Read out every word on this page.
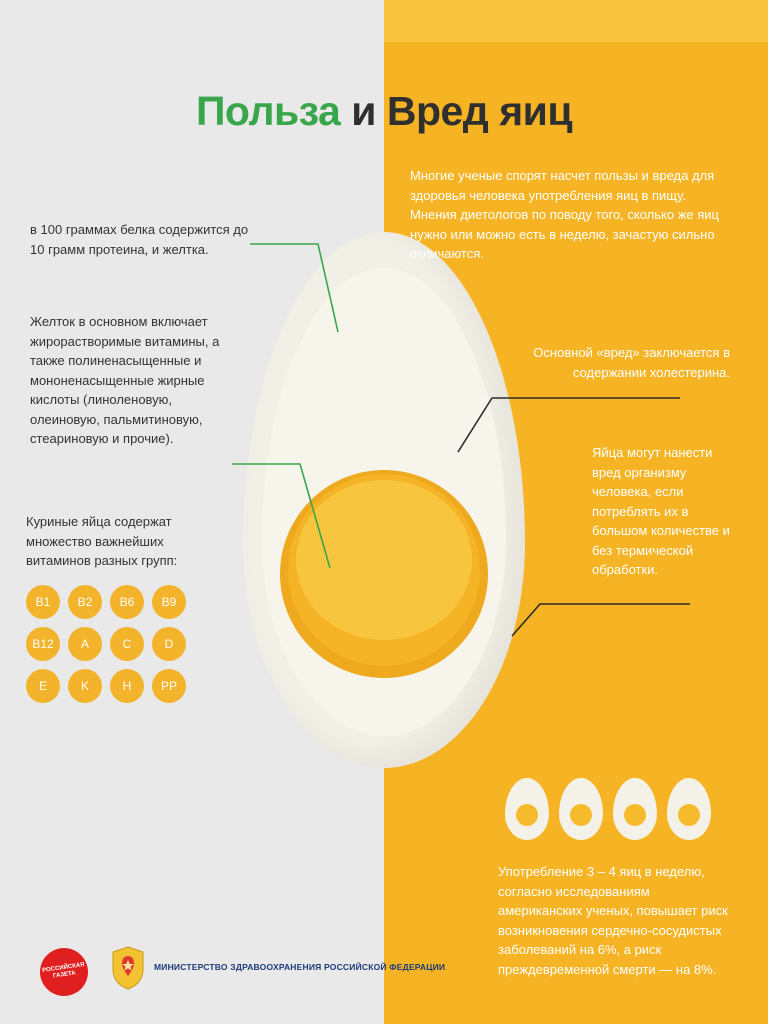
Польза и Вред яиц
Многие ученые спорят насчет пользы и вреда для здоровья человека употребления яиц в пищу. Мнения диетологов по поводу того, сколько же яиц нужно или можно есть в неделю, зачастую сильно отличаются.
в 100 граммах белка содержится до 10 грамм протеина, и желтка.
Желток в основном включает жирорастворимые витамины, а также полиненасыщенные и мононенасыщенные жирные кислоты (линоленовую, олеиновую, пальмитиновую, стеариновую и прочие).
Куриные яйца содержат множество важнейших витаминов разных групп:
Основной «вред» заключается в содержании холестерина.
Яйца могут нанести вред организму человека, если потреблять их в большом количестве и без термической обработки.
B1	B2	B6	B9
B12	A	C	D
E	K	H	PP
Употребление 3 – 4 яиц в неделю, согласно исследованиям американских ученых, повышает риск возникновения сердечно-сосудистых заболеваний на 6%, а риск преждевременной смерти — на 8%.
РОССИЙСКАЯ ГАЗЕТА
МИНИСТЕРСТВО ЗДРАВООХРАНЕНИЯ РОССИЙСКОЙ ФЕДЕРАЦИИ
